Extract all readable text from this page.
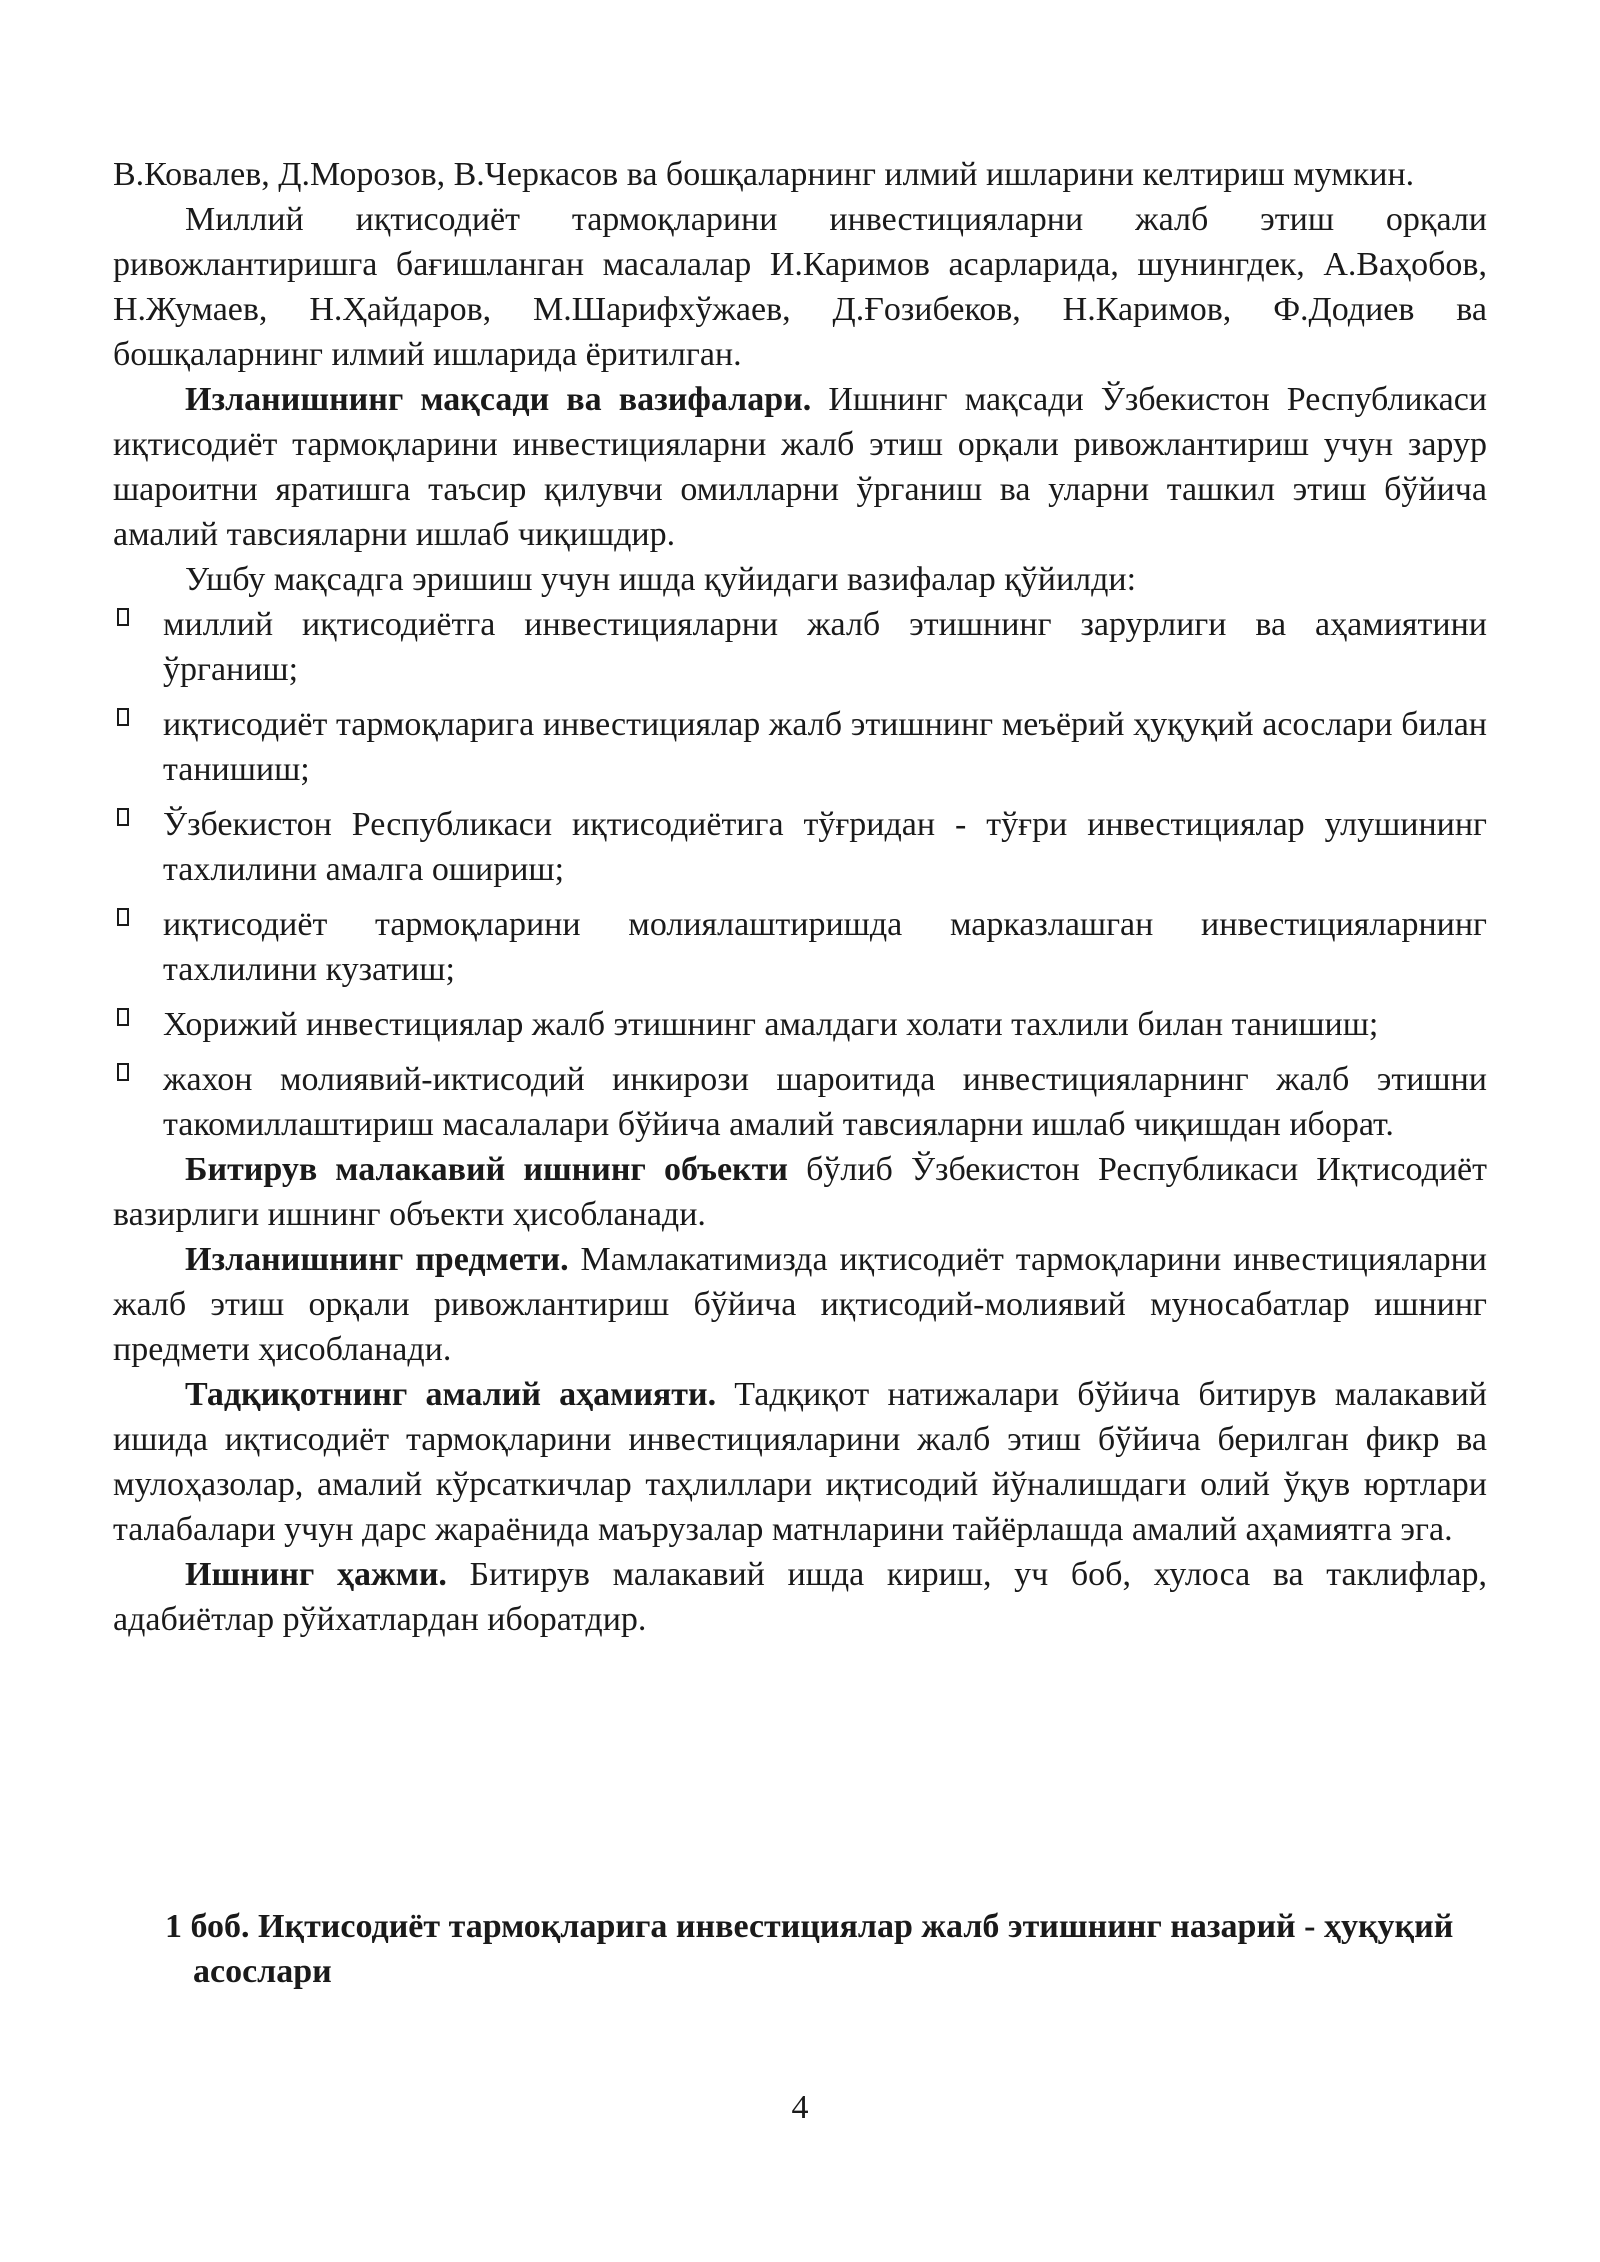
В.Ковалев, Д.Морозов, В.Черкасов ва бошқаларнинг илмий ишларини келтириш мумкин.

Миллий иқтисодиёт тармоқларини инвестицияларни жалб этиш орқали ривожлантиришга бағишланган масалалар И.Каримов асарларида, шунингдек, А.Ваҳобов, Н.Жумаев, Н.Ҳайдаров, М.Шарифхўжаев, Д.Ғозибеков, Н.Каримов, Ф.Додиев ва бошқаларнинг илмий ишларида ёритилган.

Изланишнинг мақсади ва вазифалари. Ишнинг мақсади Ўзбекистон Республикаси иқтисодиёт тармоқларини инвестицияларни жалб этиш орқали ривожлантириш учун зарур шароитни яратишга таъсир қилувчи омилларни ўрганиш ва уларни ташкил этиш бўйича амалий тавсияларни ишлаб чиқишдир.

Ушбу мақсадга эришиш учун ишда қуйидаги вазифалар қўйилди:

миллий иқтисодиётга инвестицияларни жалб этишнинг зарурлиги ва аҳамиятини ўрганиш;
иқтисодиёт тармоқларига инвестициялар жалб этишнинг меъёрий ҳуқуқий асослари билан танишиш;
Ўзбекистон Республикаси иқтисодиётига тўғридан - тўғри инвестициялар улушининг тахлилини амалга ошириш;
иқтисодиёт тармоқларини молиялаштиришда марказлашган инвестицияларнинг тахлилини кузатиш;
Хорижий инвестициялар жалб этишнинг амалдаги холати тахлили билан танишиш;
жахон молиявий-иктисодий инкирози шароитида инвестицияларнинг жалб этишни такомиллаштириш масалалари бўйича амалий тавсияларни ишлаб чиқишдан иборат.

Битирув малакавий ишнинг объекти бўлиб Ўзбекистон Республикаси Иқтисодиёт вазирлиги ишнинг объекти ҳисобланади.

Изланишнинг предмети. Мамлакатимизда иқтисодиёт тармоқларини инвестицияларни жалб этиш орқали ривожлантириш бўйича иқтисодий-молиявий муносабатлар ишнинг предмети ҳисобланади.

Тадқиқотнинг амалий аҳамияти. Тадқиқот натижалари бўйича битирув малакавий ишида иқтисодиёт тармоқларини инвестицияларини жалб этиш бўйича берилган фикр ва мулоҳазолар, амалий кўрсаткичлар таҳлиллари иқтисодий йўналишдаги олий ўқув юртлари талабалари учун дарс жараёнида маърузалар матнларини тайёрлашда амалий аҳамиятга эга.

Ишнинг ҳажми. Битирув малакавий ишда кириш, уч боб, хулоса ва таклифлар, адабиётлар рўйхатлардан иборатдир.

1 боб. Иқтисодиёт тармоқларига инвестициялар жалб этишнинг назарий - ҳуқуқий асослари
4
